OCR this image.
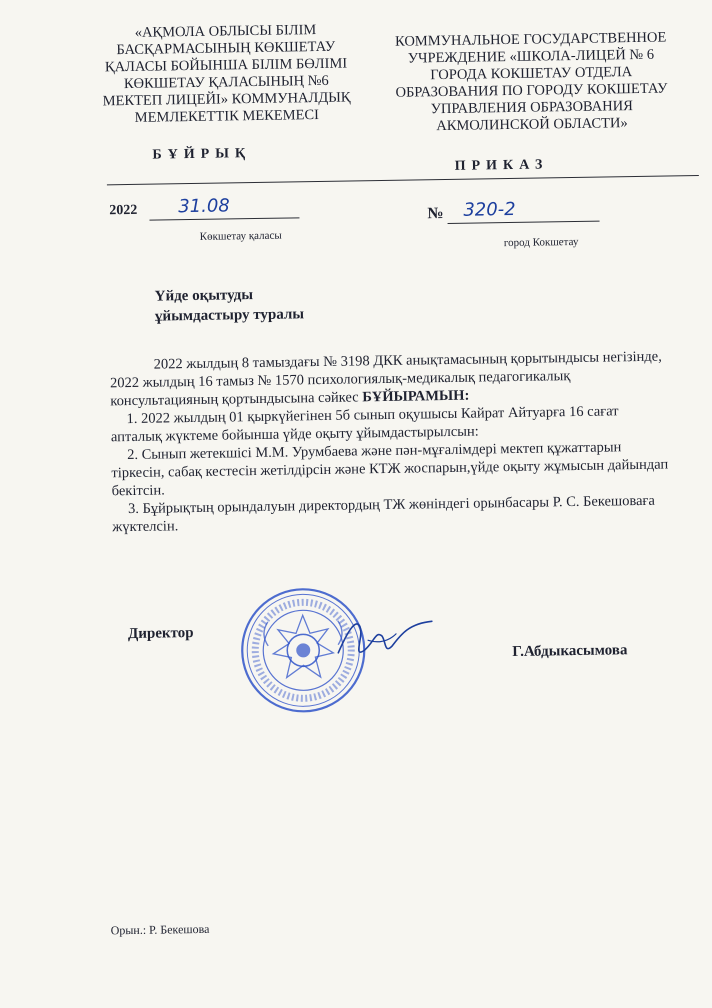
«АҚМОЛА ОБЛЫСЫ БІЛІМ БАСҚАРМАСЫНЫҢ КӨКШЕТАУ ҚАЛАСЫ БОЙЫНША БІЛІМ БӨЛІМІ КӨКШЕТАУ ҚАЛАСЫНЫҢ №6 МЕКТЕП ЛИЦЕЙІ» КОММУНАЛДЫҚ МЕМЛЕКЕТТІК МЕКЕМЕСІ
КОММУНАЛЬНОЕ ГОСУДАРСТВЕННОЕ УЧРЕЖДЕНИЕ «ШКОЛА-ЛИЦЕЙ № 6 ГОРОДА КОКШЕТАУ ОТДЕЛА ОБРАЗОВАНИЯ ПО ГОРОДУ КОКШЕТАУ УПРАВЛЕНИЯ ОБРАЗОВАНИЯ АКМОЛИНСКОЙ ОБЛАСТИ»
БҰЙРЫҚ
ПРИКАЗ
2022 31.08	№ 320-2
Көкшетау қаласы	город Кокшетау
Үйде оқытуды
ұйымдастыру туралы

2022 жылдың 8 тамыздағы № 3198 ДКК анықтамасының қорытындысы негізінде, 2022 жылдың 16 тамыз № 1570 психологиялық-медикалық педагогикалық консультацияның қортындысына сәйкес БҰЙЫРАМЫН:

1. 2022 жылдың 01 қыркүйегінен 5б сынып оқушысы Кайрат Айтуарға 16 сағат апталық жүктеме бойынша үйде оқыту ұйымдастырылсын:

2. Сынып жетекшісі М.М. Урумбаева және пән-мұғалімдері мектеп құжаттарын тіркесін, сабақ кестесін жетілдірсін және КТЖ жоспарын,үйде оқыту жұмысын дайындап бекітсін.

3. Бұйрықтың орындалуын директордың ТЖ жөніндегі орынбасары Р. С. Бекешоваға жүктелсін.

Директор
Г.Абдыкасымова
Орын.: Р. Бекешова
